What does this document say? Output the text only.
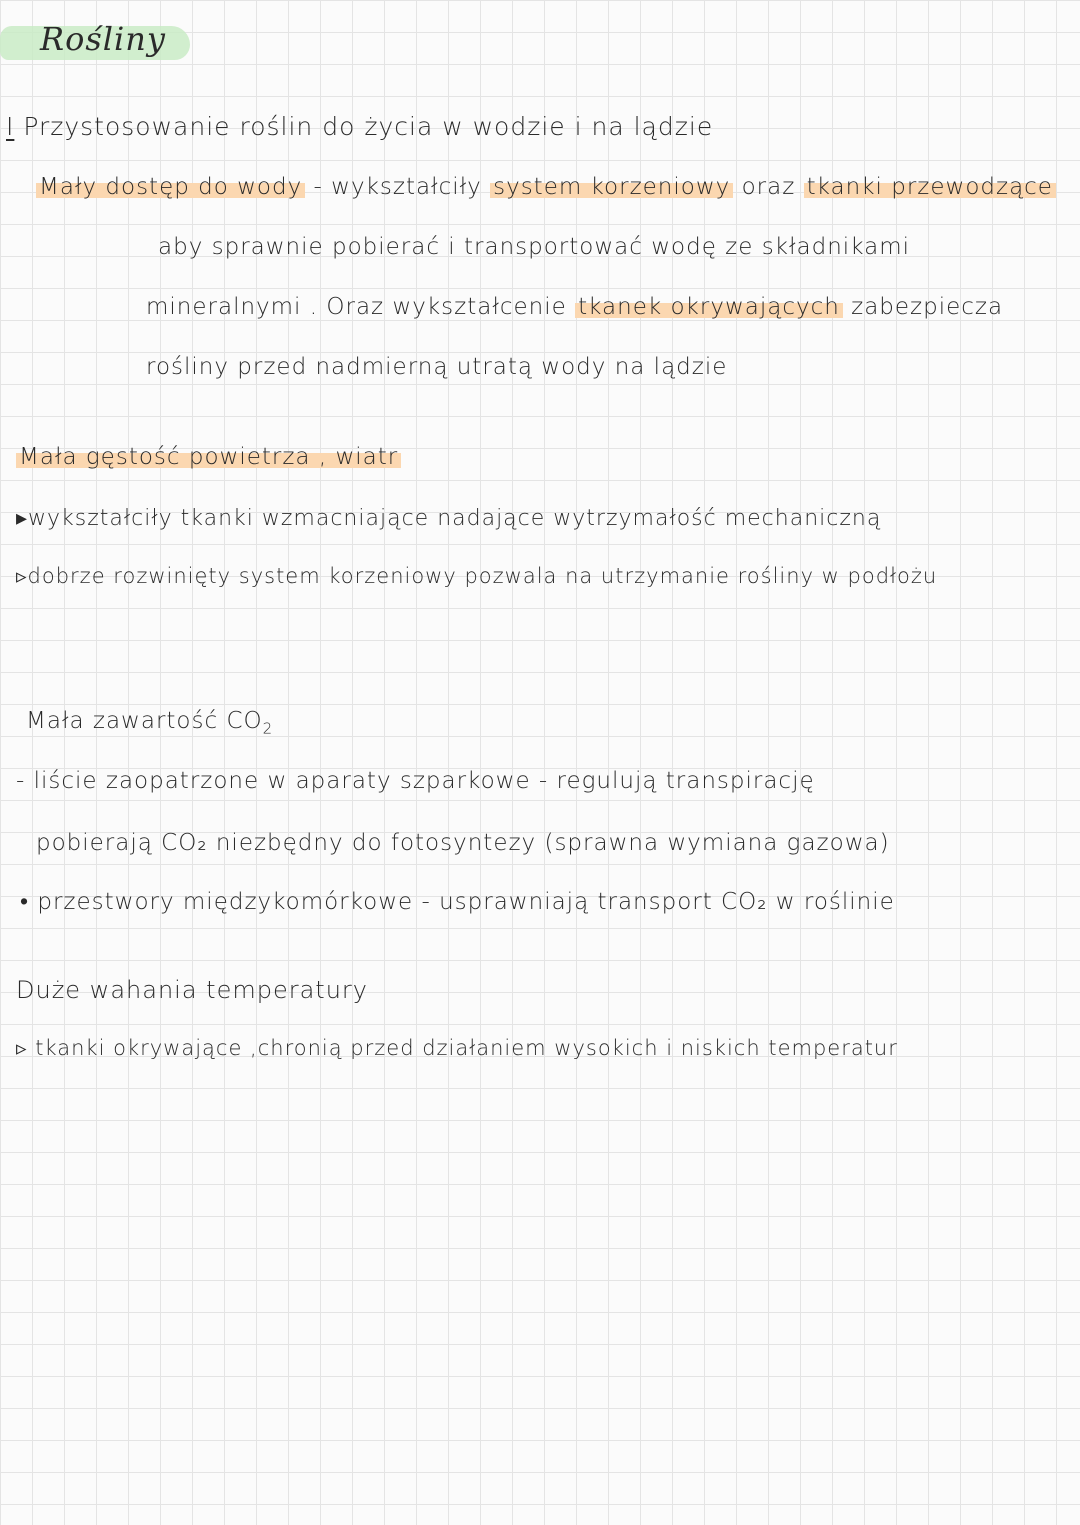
Rośliny
I Przystosowanie roślin do życia w wodzie i na lądzie
Mały dostęp do wody - wykształciły system korzeniowy oraz tkanki przewodzące
aby sprawnie pobierać i transportować wodę ze składnikami
mineralnymi . Oraz wykształcenie tkanek okrywających zabezpiecza
rośliny przed nadmierną utratą wody na lądzie
Mała gęstość powietrza , wiatr
▸wykształciły tkanki wzmacniające nadające wytrzymałość mechaniczną
▹dobrze rozwinięty system korzeniowy pozwala na utrzymanie rośliny w podłożu
Mała zawartość $CO_2$
- liście zaopatrzone w aparaty szparkowe - regulują transpirację
pobierają CO₂ niezbędny do fotosyntezy (sprawna wymiana gazowa)
• przestwory międzykomórkowe - usprawniają transport CO₂ w roślinie
Duże wahania temperatury
▹ tkanki okrywające ,chronią przed działaniem wysokich i niskich temperatur
